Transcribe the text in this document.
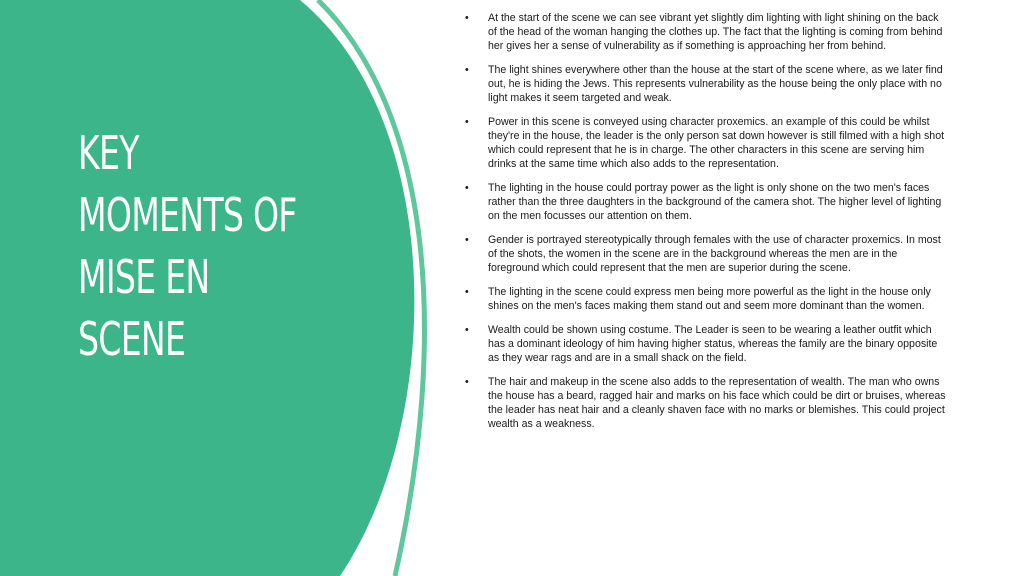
KEY
MOMENTS OF
MISE EN
SCENE
• At the start of the scene we can see vibrant yet slightly dim lighting with light shining on the back of the head of the woman hanging the clothes up. The fact that the lighting is coming from behind her gives her a sense of vulnerability as if something is approaching her from behind.
• The light shines everywhere other than the house at the start of the scene where, as we later find out, he is hiding the Jews. This represents vulnerability as the house being the only place with no light makes it seem targeted and weak.
• Power in this scene is conveyed using character proxemics. an example of this could be whilst they're in the house, the leader is the only person sat down however is still filmed with a high shot which could represent that he is in charge. The other characters in this scene are serving him drinks at the same time which also adds to the representation.
• The lighting in the house could portray power as the light is only shone on the two men's faces rather than the three daughters in the background of the camera shot. The higher level of lighting on the men focusses our attention on them.
• Gender is portrayed stereotypically through females with the use of character proxemics. In most of the shots, the women in the scene are in the background whereas the men are in the foreground which could represent that the men are superior during the scene.
• The lighting in the scene could express men being more powerful as the light in the house only shines on the men's faces making them stand out and seem more dominant than the women.
• Wealth could be shown using costume. The Leader is seen to be wearing a leather outfit which has a dominant ideology of him having higher status, whereas the family are the binary opposite as they wear rags and are in a small shack on the field.
• The hair and makeup in the scene also adds to the representation of wealth. The man who owns the house has a beard, ragged hair and marks on his face which could be dirt or bruises, whereas the leader has neat hair and a cleanly shaven face with no marks or blemishes. This could project wealth as a weakness.
